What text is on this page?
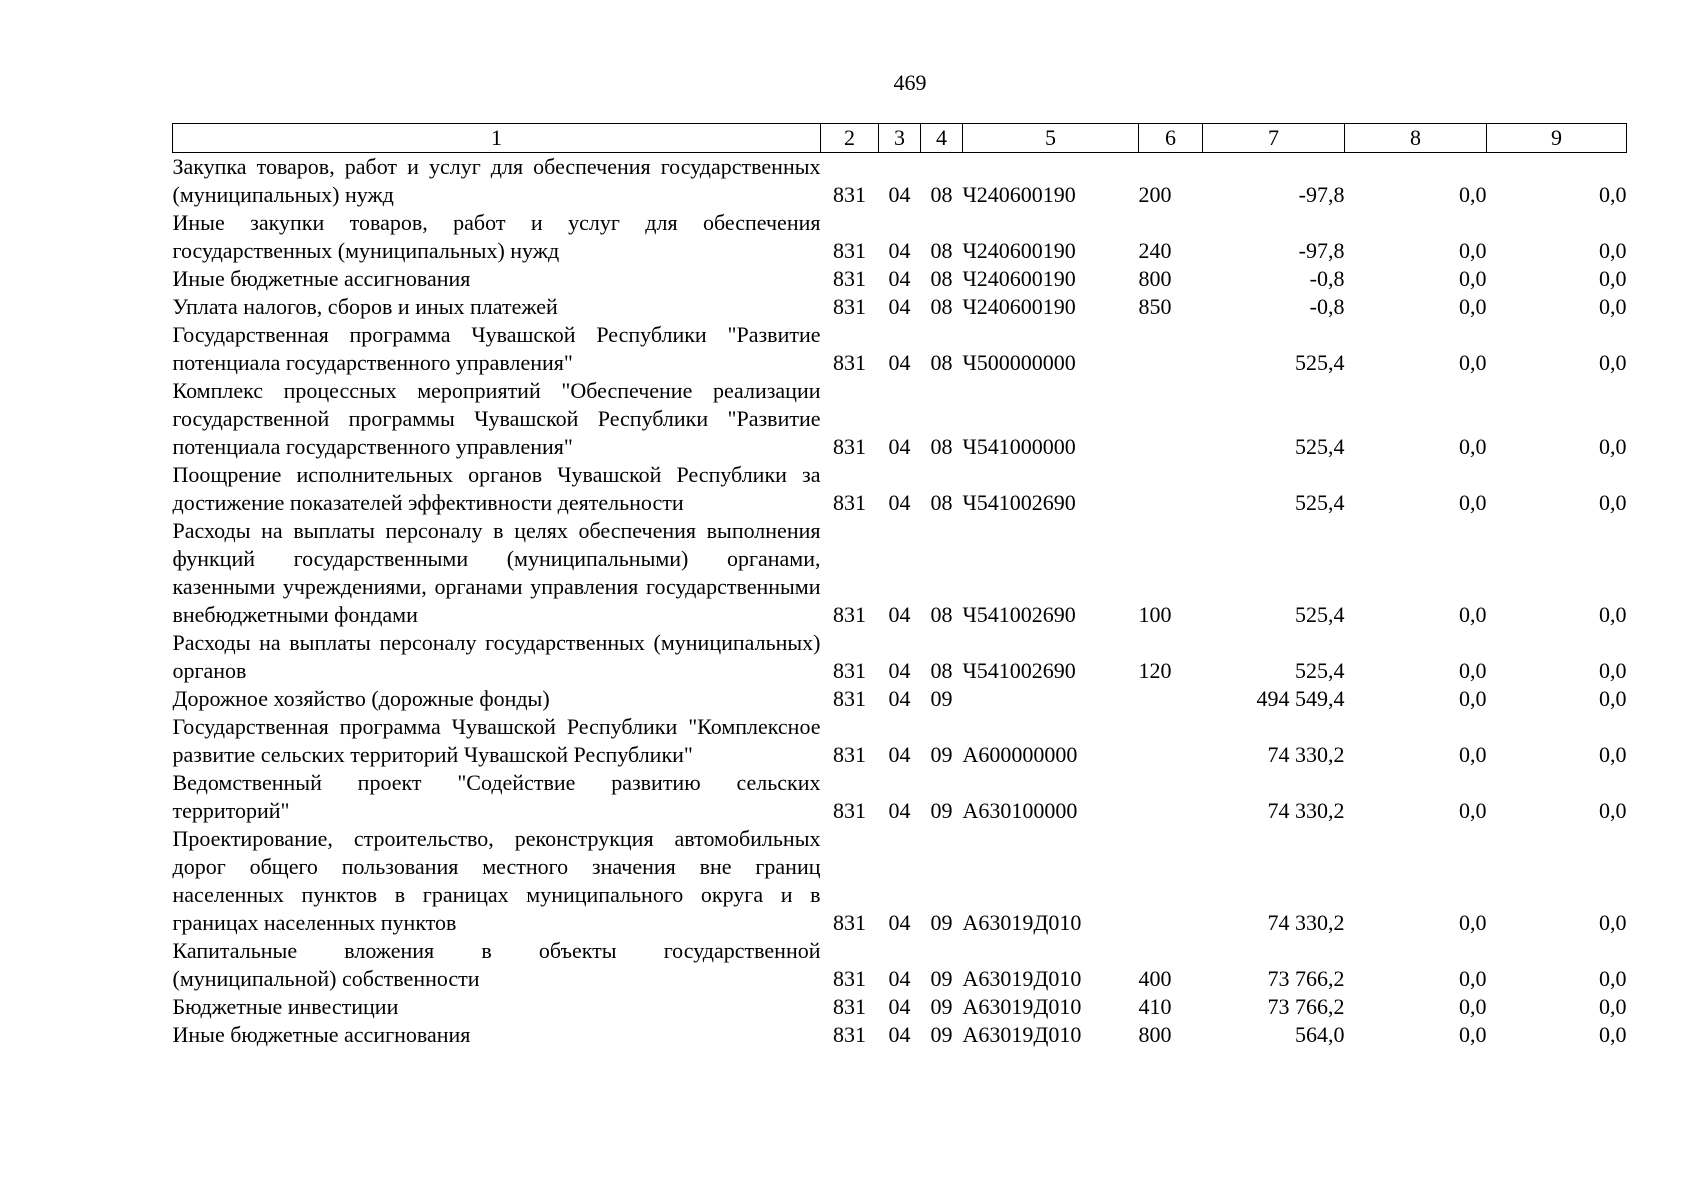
469
1	2	3	4	5	6	7	8	9
Закупка товаров, работ и услуг для обеспечения государственных (муниципальных) нужд	831	04	08	Ч240600190	200	-97,8	0,0	0,0
Иные закупки товаров, работ и услуг для обеспечения государственных (муниципальных) нужд	831	04	08	Ч240600190	240	-97,8	0,0	0,0
Иные бюджетные ассигнования	831	04	08	Ч240600190	800	-0,8	0,0	0,0
Уплата налогов, сборов и иных платежей	831	04	08	Ч240600190	850	-0,8	0,0	0,0
Государственная программа Чувашской Республики "Развитие потенциала государственного управления"	831	04	08	Ч500000000		525,4	0,0	0,0
Комплекс процессных мероприятий "Обеспечение реализации государственной программы Чувашской Республики "Развитие потенциала государственного управления"	831	04	08	Ч541000000		525,4	0,0	0,0
Поощрение исполнительных органов Чувашской Республики за достижение показателей эффективности деятельности	831	04	08	Ч541002690		525,4	0,0	0,0
Расходы на выплаты персоналу в целях обеспечения выполнения функций государственными (муниципальными) органами, казенными учреждениями, органами управления государственными внебюджетными фондами	831	04	08	Ч541002690	100	525,4	0,0	0,0
Расходы на выплаты персоналу государственных (муниципальных) органов	831	04	08	Ч541002690	120	525,4	0,0	0,0
Дорожное хозяйство (дорожные фонды)	831	04	09			494 549,4	0,0	0,0
Государственная программа Чувашской Республики "Комплексное развитие сельских территорий Чувашской Республики"	831	04	09	А600000000		74 330,2	0,0	0,0
Ведомственный проект "Содействие развитию сельских территорий"	831	04	09	А630100000		74 330,2	0,0	0,0
Проектирование, строительство, реконструкция автомобильных дорог общего пользования местного значения вне границ населенных пунктов в границах муниципального округа и в границах населенных пунктов	831	04	09	А63019Д010		74 330,2	0,0	0,0
Капитальные вложения в объекты государственной (муниципальной) собственности	831	04	09	А63019Д010	400	73 766,2	0,0	0,0
Бюджетные инвестиции	831	04	09	А63019Д010	410	73 766,2	0,0	0,0
Иные бюджетные ассигнования	831	04	09	А63019Д010	800	564,0	0,0	0,0
